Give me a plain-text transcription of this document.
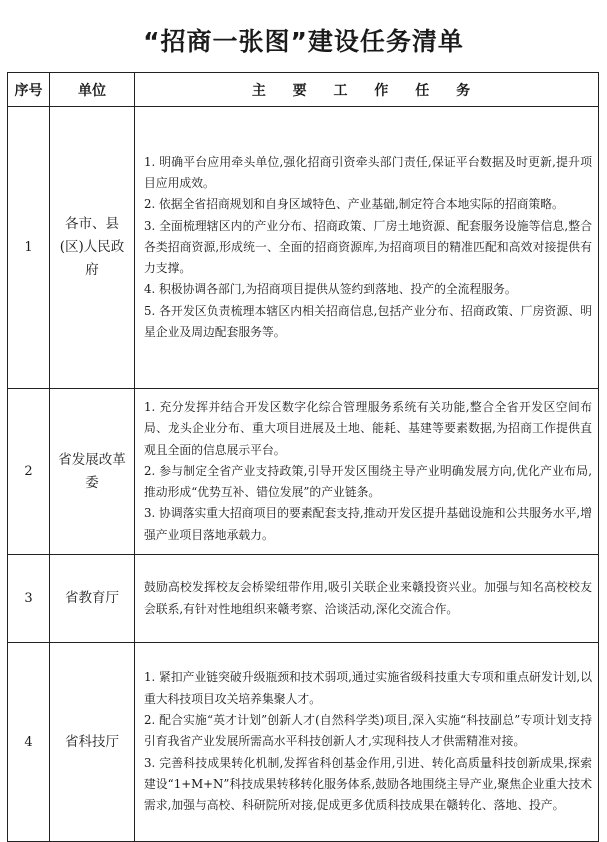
“招商一张图”建设任务清单
序号	单位	主 要 工 作 任 务
1	各市、县(区)人民政府	1. 明确平台应用牵头单位,强化招商引资牵头部门责任,保证平台数据及时更新,提升项目应用成效。

2. 依据全省招商规划和自身区域特色、产业基础,制定符合本地实际的招商策略。

3. 全面梳理辖区内的产业分布、招商政策、厂房土地资源、配套服务设施等信息,整合各类招商资源,形成统一、全面的招商资源库,为招商项目的精准匹配和高效对接提供有力支撑。

4. 积极协调各部门,为招商项目提供从签约到落地、投产的全流程服务。

5. 各开发区负责梳理本辖区内相关招商信息,包括产业分布、招商政策、厂房资源、明星企业及周边配套服务等。

2	省发展改革委	1. 充分发挥并结合开发区数字化综合管理服务系统有关功能,整合全省开发区空间布局、龙头企业分布、重大项目进展及土地、能耗、基建等要素数据,为招商工作提供直观且全面的信息展示平台。

2. 参与制定全省产业支持政策,引导开发区围绕主导产业明确发展方向,优化产业布局,推动形成“优势互补、错位发展”的产业链条。

3. 协调落实重大招商项目的要素配套支持,推动开发区提升基础设施和公共服务水平,增强产业项目落地承载力。

3	省教育厅	鼓励高校发挥校友会桥梁纽带作用,吸引关联企业来赣投资兴业。加强与知名高校校友会联系,有针对性地组织来赣考察、洽谈活动,深化交流合作。

4	省科技厅	1. 紧扣产业链突破升级瓶颈和技术弱项,通过实施省级科技重大专项和重点研发计划,以重大科技项目攻关培养集聚人才。

2. 配合实施“英才计划”创新人才(自然科学类)项目,深入实施“科技副总”专项计划支持引育我省产业发展所需高水平科技创新人才,实现科技人才供需精准对接。

3. 完善科技成果转化机制,发挥省科创基金作用,引进、转化高质量科技创新成果,探索建设“1+M+N”科技成果转移转化服务体系,鼓励各地围绕主导产业,聚焦企业重大技术需求,加强与高校、科研院所对接,促成更多优质科技成果在赣转化、落地、投产。
